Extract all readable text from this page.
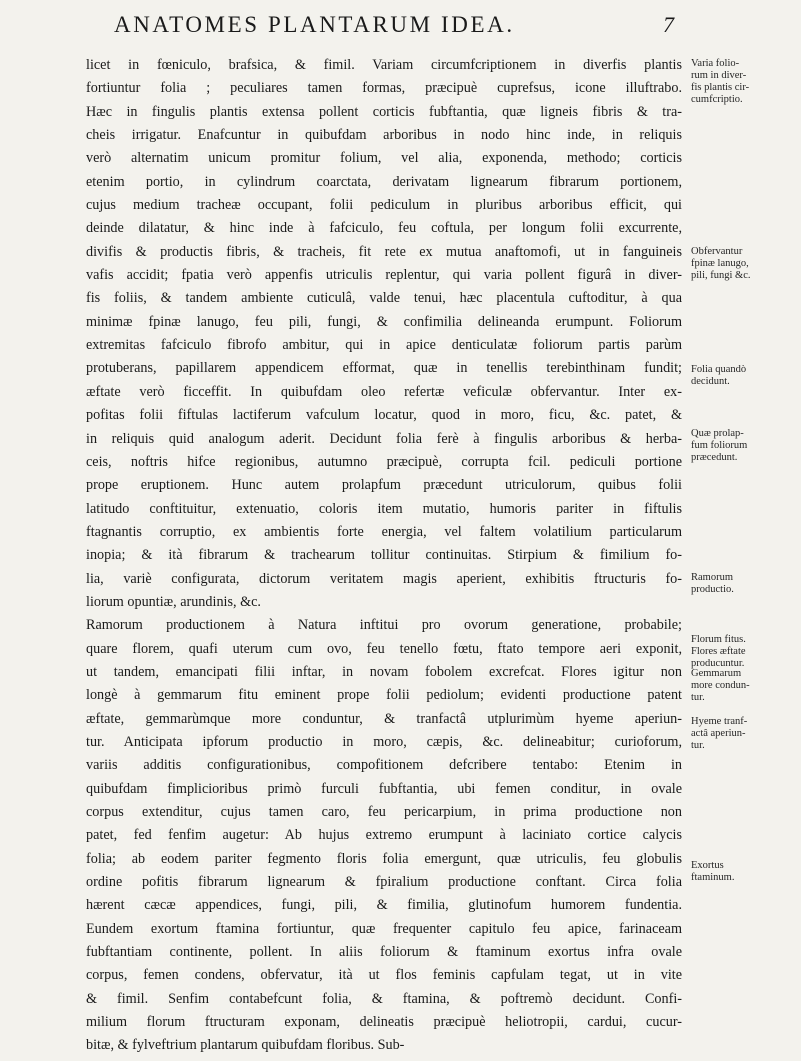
ANATOMES PLANTARUM IDEA.	7
licet in fœniculo, brafsica, & fimil. Variam circumfcriptionem in diverfis plantis
fortiuntur folia ; peculiares tamen formas, præcipuè cuprefsus, icone illuftrabo.
Hæc in fingulis plantis extensa pollent corticis fubftantia, quæ ligneis fibris & tra-
cheis irrigatur. Enafcuntur in quibufdam arboribus in nodo hinc inde, in reliquis
verò alternatim unicum promitur folium, vel alia, exponenda, methodo; corticis
etenim portio, in cylindrum coarctata, derivatam lignearum fibrarum portionem,
cujus medium tracheæ occupant, folii pediculum in pluribus arboribus efficit, qui
deinde dilatatur, & hinc inde à fafciculo, feu coftula, per longum folii excurrente,
divifis & productis fibris, & tracheis, fit rete ex mutua anaftomofi, ut in fanguineis
vafis accidit; fpatia verò appenfis utriculis replentur, qui varia pollent figurâ in diver-
fis foliis, & tandem ambiente cuticulâ, valde tenui, hæc placentula cuftoditur, à qua
minimæ fpinæ lanugo, feu pili, fungi, & confimilia delineanda erumpunt. Foliorum
extremitas fafciculo fibrofo ambitur, qui in apice denticulatæ foliorum partis parùm
protuberans, papillarem appendicem efformat, quæ in tenellis terebinthinam fundit;
æftate verò ficceffit. In quibufdam oleo refertæ veficulæ obfervantur. Inter ex-
pofitas folii fiftulas lactiferum vafculum locatur, quod in moro, ficu, &c. patet, &
in reliquis quid analogum aderit. Decidunt folia ferè à fingulis arboribus & herba-
ceis, noftris hifce regionibus, autumno præcipuè, corrupta fcil. pediculi portione
prope eruptionem. Hunc autem prolapfum præcedunt utriculorum, quibus folii
latitudo conftituitur, extenuatio, coloris item mutatio, humoris pariter in fiftulis
ftagnantis corruptio, ex ambientis forte energia, vel faltem volatilium particularum
inopia; & ità fibrarum & trachearum tollitur continuitas. Stirpium & fimilium fo-
lia, variè configurata, dictorum veritatem magis aperient, exhibitis ftructuris fo-
liorum opuntiæ, arundinis, &c.
Ramorum productionem à Natura inftitui pro ovorum generatione, probabile;
quare florem, quafi uterum cum ovo, feu tenello fœtu, ftato tempore aeri exponit,
ut tandem, emancipati filii inftar, in novam fobolem excrefcat. Flores igitur non
longè à gemmarum fitu eminent prope folii pediolum; evidenti productione patent
æftate, gemmarùmque more conduntur, & tranfactâ utplurimùm hyeme aperiun-
tur. Anticipata ipforum productio in moro, cæpis, &c. delineabitur; curioforum,
variis additis configurationibus, compofitionem defcribere tentabo: Etenim in
quibufdam fimplicioribus primò furculi fubftantia, ubi femen conditur, in ovale
corpus extenditur, cujus tamen caro, feu pericarpium, in prima productione non
patet, fed fenfim augetur: Ab hujus extremo erumpunt à laciniato cortice calycis
folia; ab eodem pariter fegmento floris folia emergunt, quæ utriculis, feu globulis
ordine pofitis fibrarum lignearum & fpiralium productione conftant. Circa folia
hærent cæcæ appendices, fungi, pili, & fimilia, glutinofum humorem fundentia.
Eundem exortum ftamina fortiuntur, quæ frequenter capitulo feu apice, farinaceam
fubftantiam continente, pollent. In aliis foliorum & ftaminum exortus infra ovale
corpus, femen condens, obfervatur, ità ut flos feminis capfulam tegat, ut in vite
& fimil. Senfim contabefcunt folia, & ftamina, & poftremò decidunt. Confi-
milium florum ftructuram exponam, delineatis præcipuè heliotropii, cardui, cucur-
bitæ, & fylveftrium plantarum quibufdam floribus. Sub-
Varia folio-
rum in diver-
fis plantis cir-
cumfcriptio.
Obfervantur
fpinæ lanugo,
pili, fungi &c.
Folia quandò
decidunt.
Quæ prolap-
fum foliorum
præcedunt.
Ramorum
productio.
Florum fitus.
Flores æftate
producuntur.
Gemmarum
more condun-
tur.
Hyeme tranf-
actâ aperiun-
tur.
Exortus
ftaminum.
